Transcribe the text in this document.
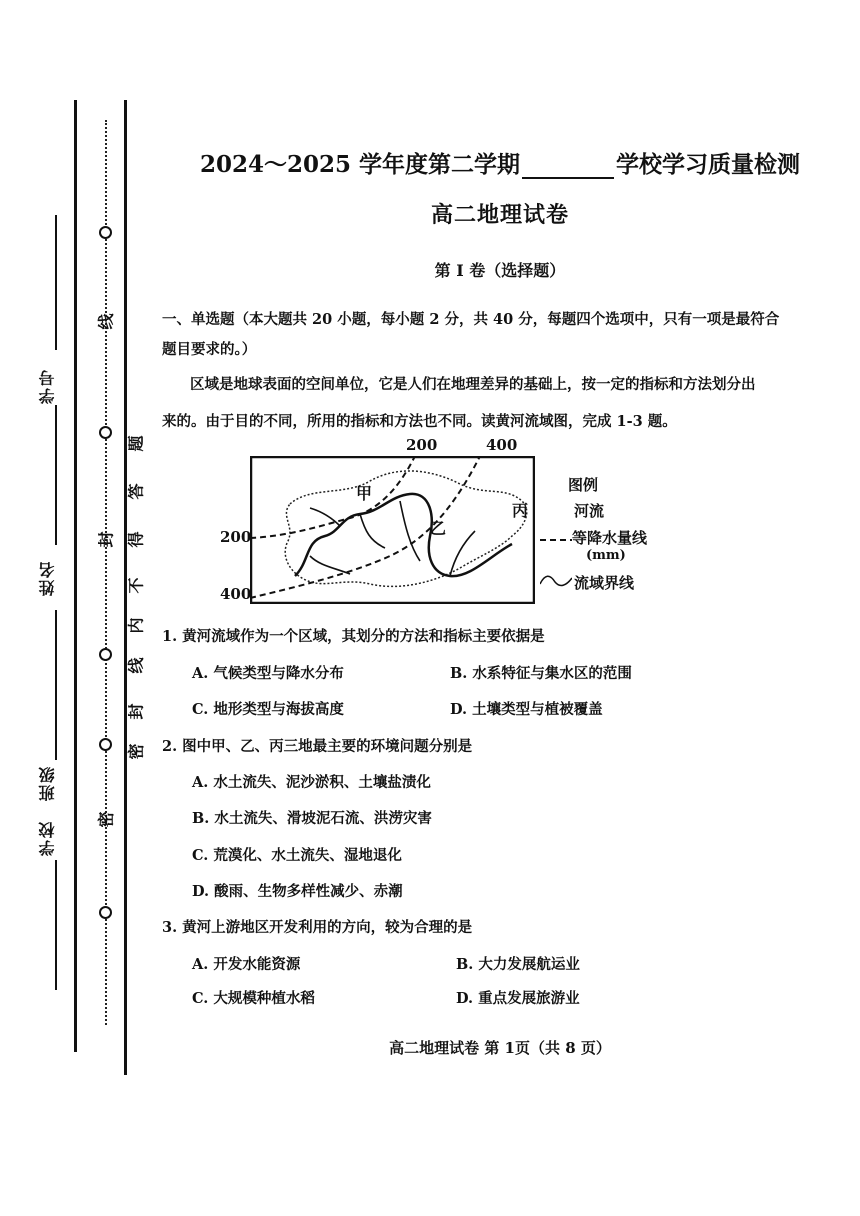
学号
姓名
班级
学校
线
封
密
题
答
得
不
内
线
封
密
2024～2025 学年度第二学期	学校学习质量检测
高二地理试卷
第 I 卷（选择题）
一、单选题（本大题共 20 小题，每小题 2 分，共 40 分，每题四个选项中，只有一项是最符合
题目要求的。）
区域是地球表面的空间单位，它是人们在地理差异的基础上，按一定的指标和方法划分出
来的。由于目的不同，所用的指标和方法也不同。读黄河流域图，完成 1-3 题。
200	400
200
400
甲
乙
丙
图例
河流
等降水量线
(mm)
流域界线
1. 黄河流域作为一个区域，其划分的方法和指标主要依据是
A. 气候类型与降水分布	B. 水系特征与集水区的范围
C. 地形类型与海拔高度	D. 土壤类型与植被覆盖
2. 图中甲、乙、丙三地最主要的环境问题分别是
A. 水土流失、泥沙淤积、土壤盐渍化
B. 水土流失、滑坡泥石流、洪涝灾害
C. 荒漠化、水土流失、湿地退化
D. 酸雨、生物多样性减少、赤潮
3. 黄河上游地区开发利用的方向，较为合理的是
A. 开发水能资源	B. 大力发展航运业
C. 大规模种植水稻	D. 重点发展旅游业
高二地理试卷 第 1页（共 8 页）
